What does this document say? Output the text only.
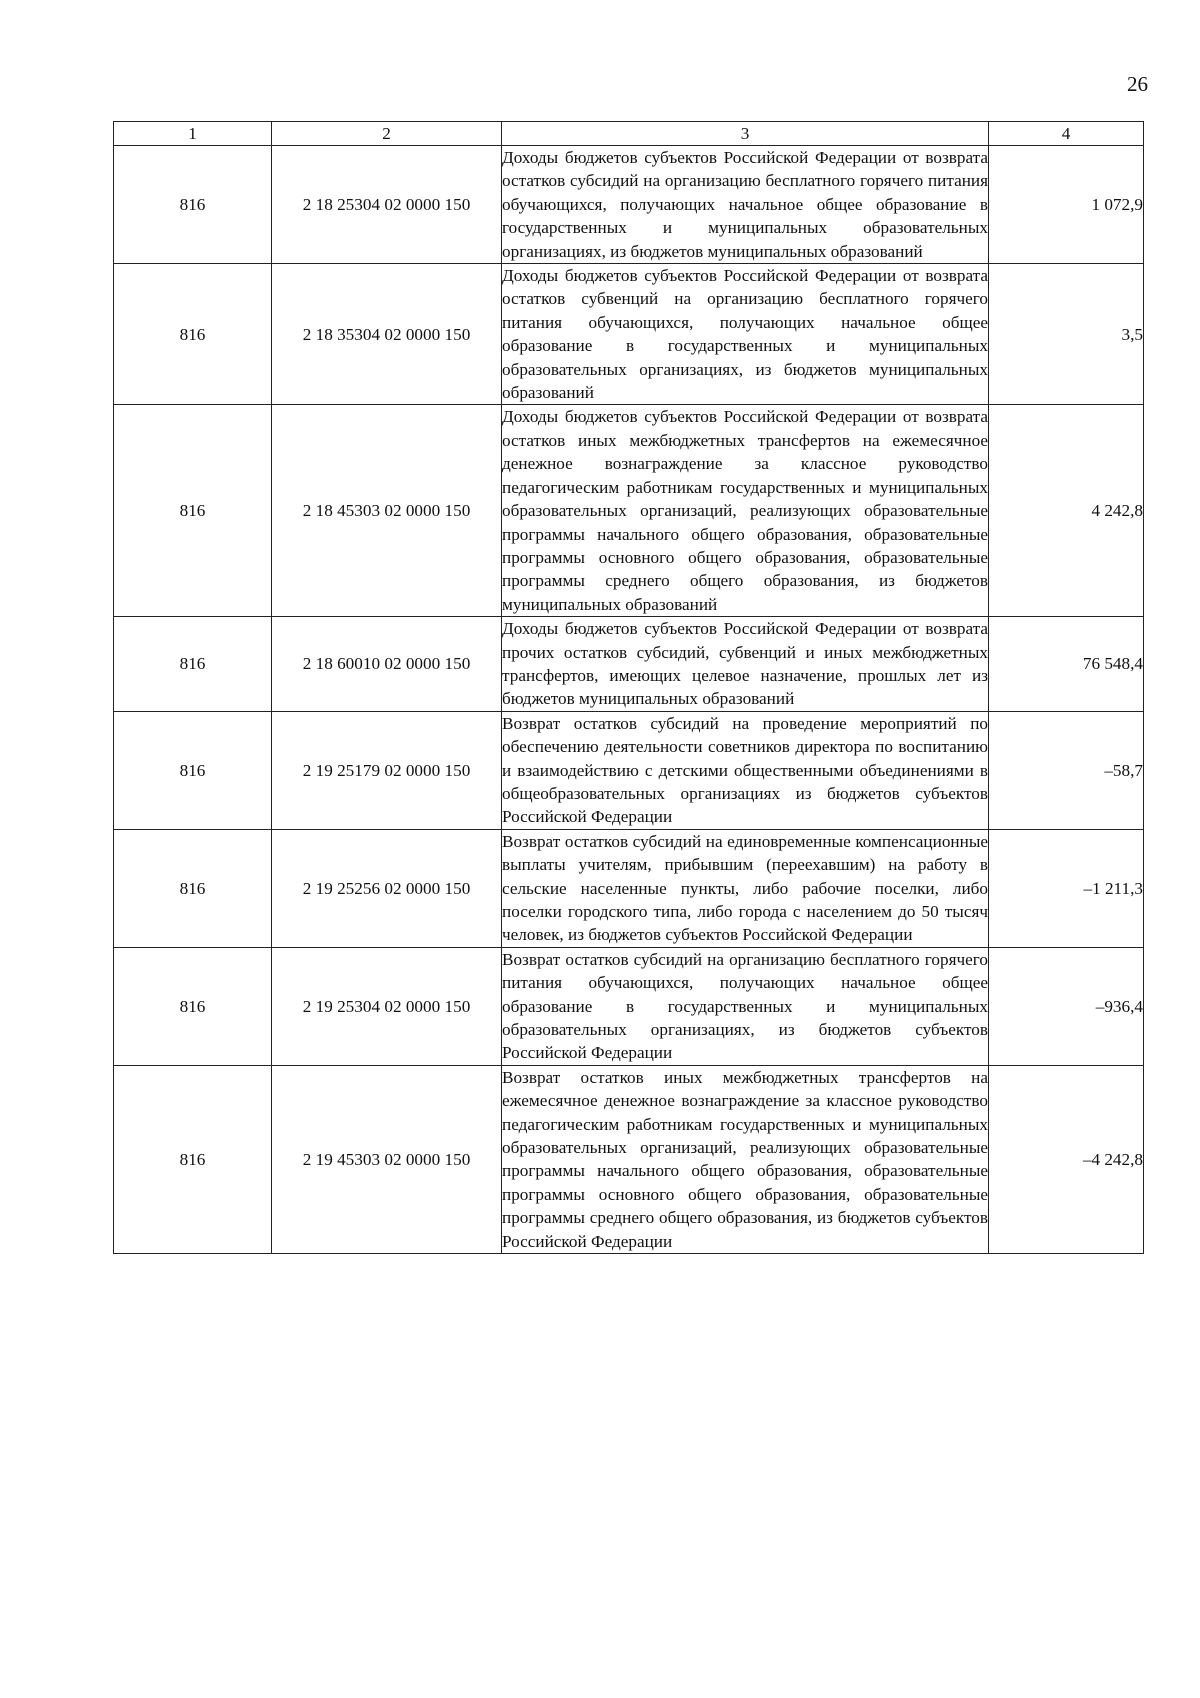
26
1	2	3	4
816	2 18 25304 02 0000 150	Доходы бюджетов субъектов Российской Федерации от возврата остатков субсидий на организацию бесплатного горячего питания обучающихся, получающих начальное общее образование в государственных и муниципальных образовательных организациях, из бюджетов муниципальных образований	1 072,9
816	2 18 35304 02 0000 150	Доходы бюджетов субъектов Российской Федерации от возврата остатков субвенций на организацию бесплатного горячего питания обучающихся, получающих начальное общее образование в государственных и муниципальных образовательных организациях, из бюджетов муниципальных образований	3,5
816	2 18 45303 02 0000 150	Доходы бюджетов субъектов Российской Федерации от возврата остатков иных межбюджетных трансфертов на ежемесячное денежное вознаграждение за классное руководство педагогическим работникам государственных и муниципальных образовательных организаций, реализующих образовательные программы начального общего образования, образовательные программы основного общего образования, образовательные программы среднего общего образования, из бюджетов муниципальных образований	4 242,8
816	2 18 60010 02 0000 150	Доходы бюджетов субъектов Российской Федерации от возврата прочих остатков субсидий, субвенций и иных межбюджетных трансфертов, имеющих целевое назначение, прошлых лет из бюджетов муниципальных образований	76 548,4
816	2 19 25179 02 0000 150	Возврат остатков субсидий на проведение мероприятий по обеспечению деятельности советников директора по воспитанию и взаимодействию с детскими общественными объединениями в общеобразовательных организациях из бюджетов субъектов Российской Федерации	–58,7
816	2 19 25256 02 0000 150	Возврат остатков субсидий на единовременные компенсационные выплаты учителям, прибывшим (переехавшим) на работу в сельские населенные пункты, либо рабочие поселки, либо поселки городского типа, либо города с населением до 50 тысяч человек, из бюджетов субъектов Российской Федерации	–1 211,3
816	2 19 25304 02 0000 150	Возврат остатков субсидий на организацию бесплатного горячего питания обучающихся, получающих начальное общее образование в государственных и муниципальных образовательных организациях, из бюджетов субъектов Российской Федерации	–936,4
816	2 19 45303 02 0000 150	Возврат остатков иных межбюджетных трансфертов на ежемесячное денежное вознаграждение за классное руководство педагогическим работникам государственных и муниципальных образовательных организаций, реализующих образовательные программы начального общего образования, образовательные программы основного общего образования, образовательные программы среднего общего образования, из бюджетов субъектов Российской Федерации	–4 242,8
